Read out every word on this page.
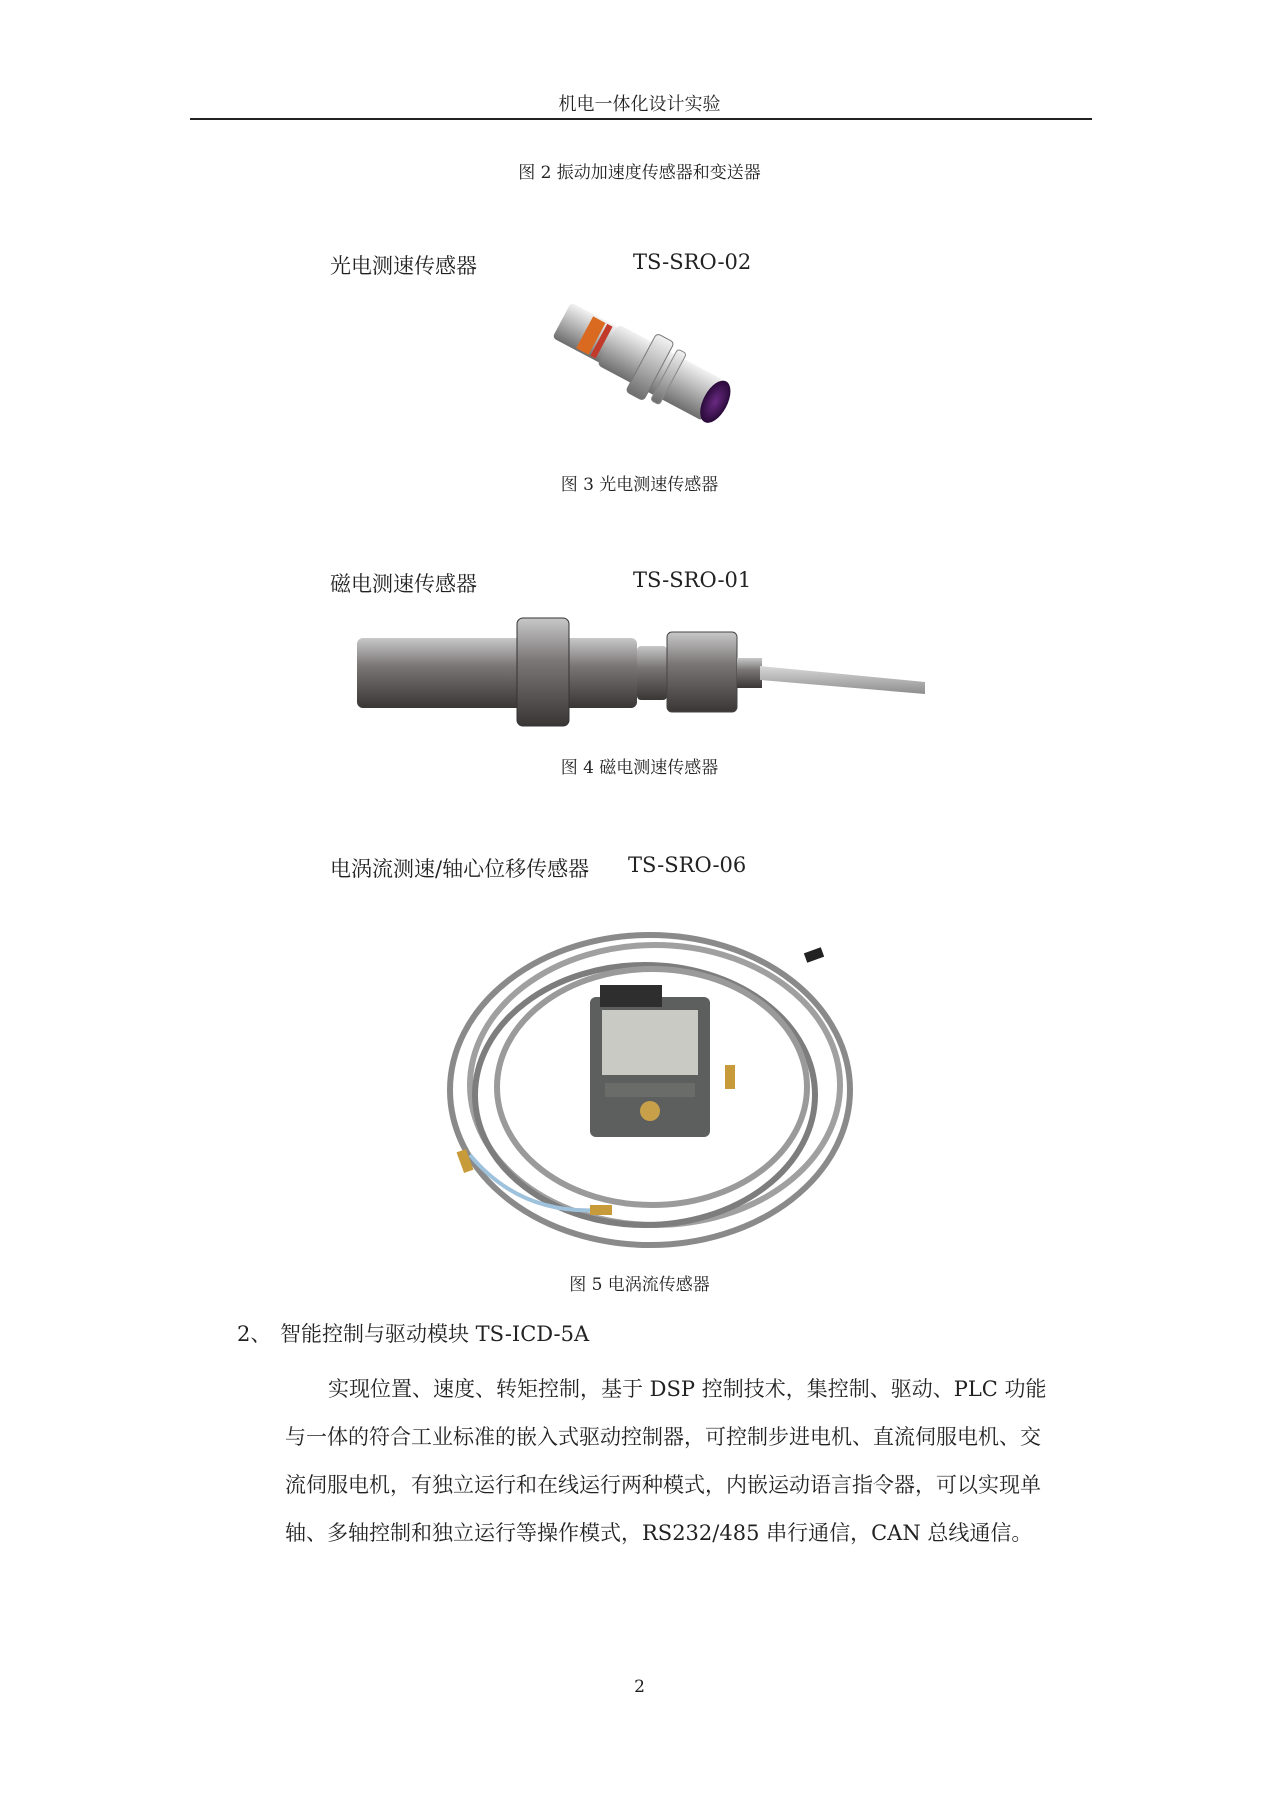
机电一体化设计实验
图 2 振动加速度传感器和变送器
光电测速传感器	TS-SRO-02
图 3 光电测速传感器
磁电测速传感器	TS-SRO-01
图 4 磁电测速传感器
电涡流测速/轴心位移传感器 TS-SRO-06
图 5 电涡流传感器
2、 智能控制与驱动模块 TS-ICD-5A
实现位置、速度、转矩控制，基于 DSP 控制技术，集控制、驱动、PLC 功能
与一体的符合工业标准的嵌入式驱动控制器，可控制步进电机、直流伺服电机、交
流伺服电机，有独立运行和在线运行两种模式，内嵌运动语言指令器，可以实现单
轴、多轴控制和独立运行等操作模式，RS232/485 串行通信，CAN 总线通信。
2
